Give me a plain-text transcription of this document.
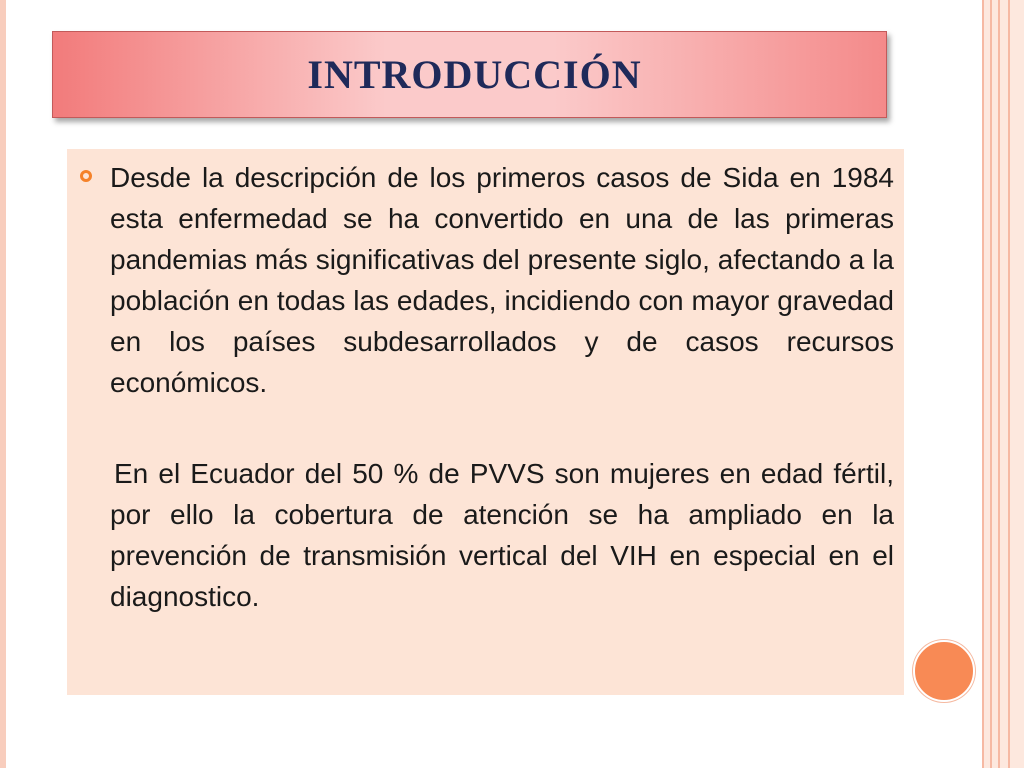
INTRODUCCIÓN

Desde la descripción de los primeros casos de Sida en 1984 esta enfermedad se ha convertido en una de las primeras pandemias más significativas del presente siglo, afectando a la población en todas las edades, incidiendo con mayor gravedad en los países subdesarrollados y de casos recursos económicos.

En el Ecuador del 50 % de PVVS son mujeres en edad fértil, por ello la cobertura de atención se ha ampliado en la prevención de transmisión vertical del VIH en especial en el diagnostico.
